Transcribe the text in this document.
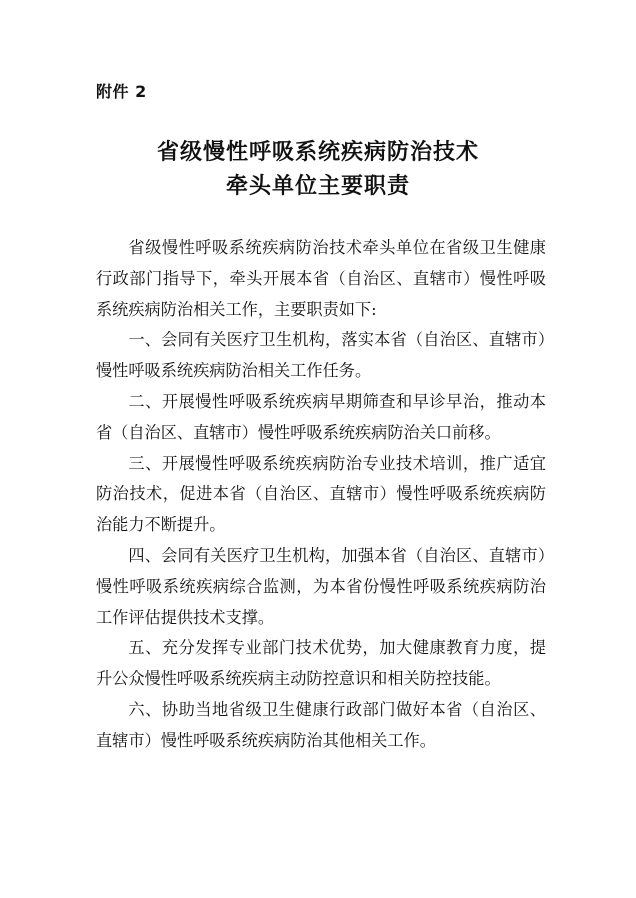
附件 2
省级慢性呼吸系统疾病防治技术
牵头单位主要职责

省级慢性呼吸系统疾病防治技术牵头单位在省级卫生健康行政部门指导下，牵头开展本省（自治区、直辖市）慢性呼吸系统疾病防治相关工作，主要职责如下:

一、会同有关医疗卫生机构，落实本省（自治区、直辖市）慢性呼吸系统疾病防治相关工作任务。

二、开展慢性呼吸系统疾病早期筛查和早诊早治，推动本省（自治区、直辖市）慢性呼吸系统疾病防治关口前移。

三、开展慢性呼吸系统疾病防治专业技术培训，推广适宜防治技术，促进本省（自治区、直辖市）慢性呼吸系统疾病防治能力不断提升。

四、会同有关医疗卫生机构，加强本省（自治区、直辖市）慢性呼吸系统疾病综合监测，为本省份慢性呼吸系统疾病防治工作评估提供技术支撑。

五、充分发挥专业部门技术优势，加大健康教育力度，提升公众慢性呼吸系统疾病主动防控意识和相关防控技能。

六、协助当地省级卫生健康行政部门做好本省（自治区、直辖市）慢性呼吸系统疾病防治其他相关工作。
